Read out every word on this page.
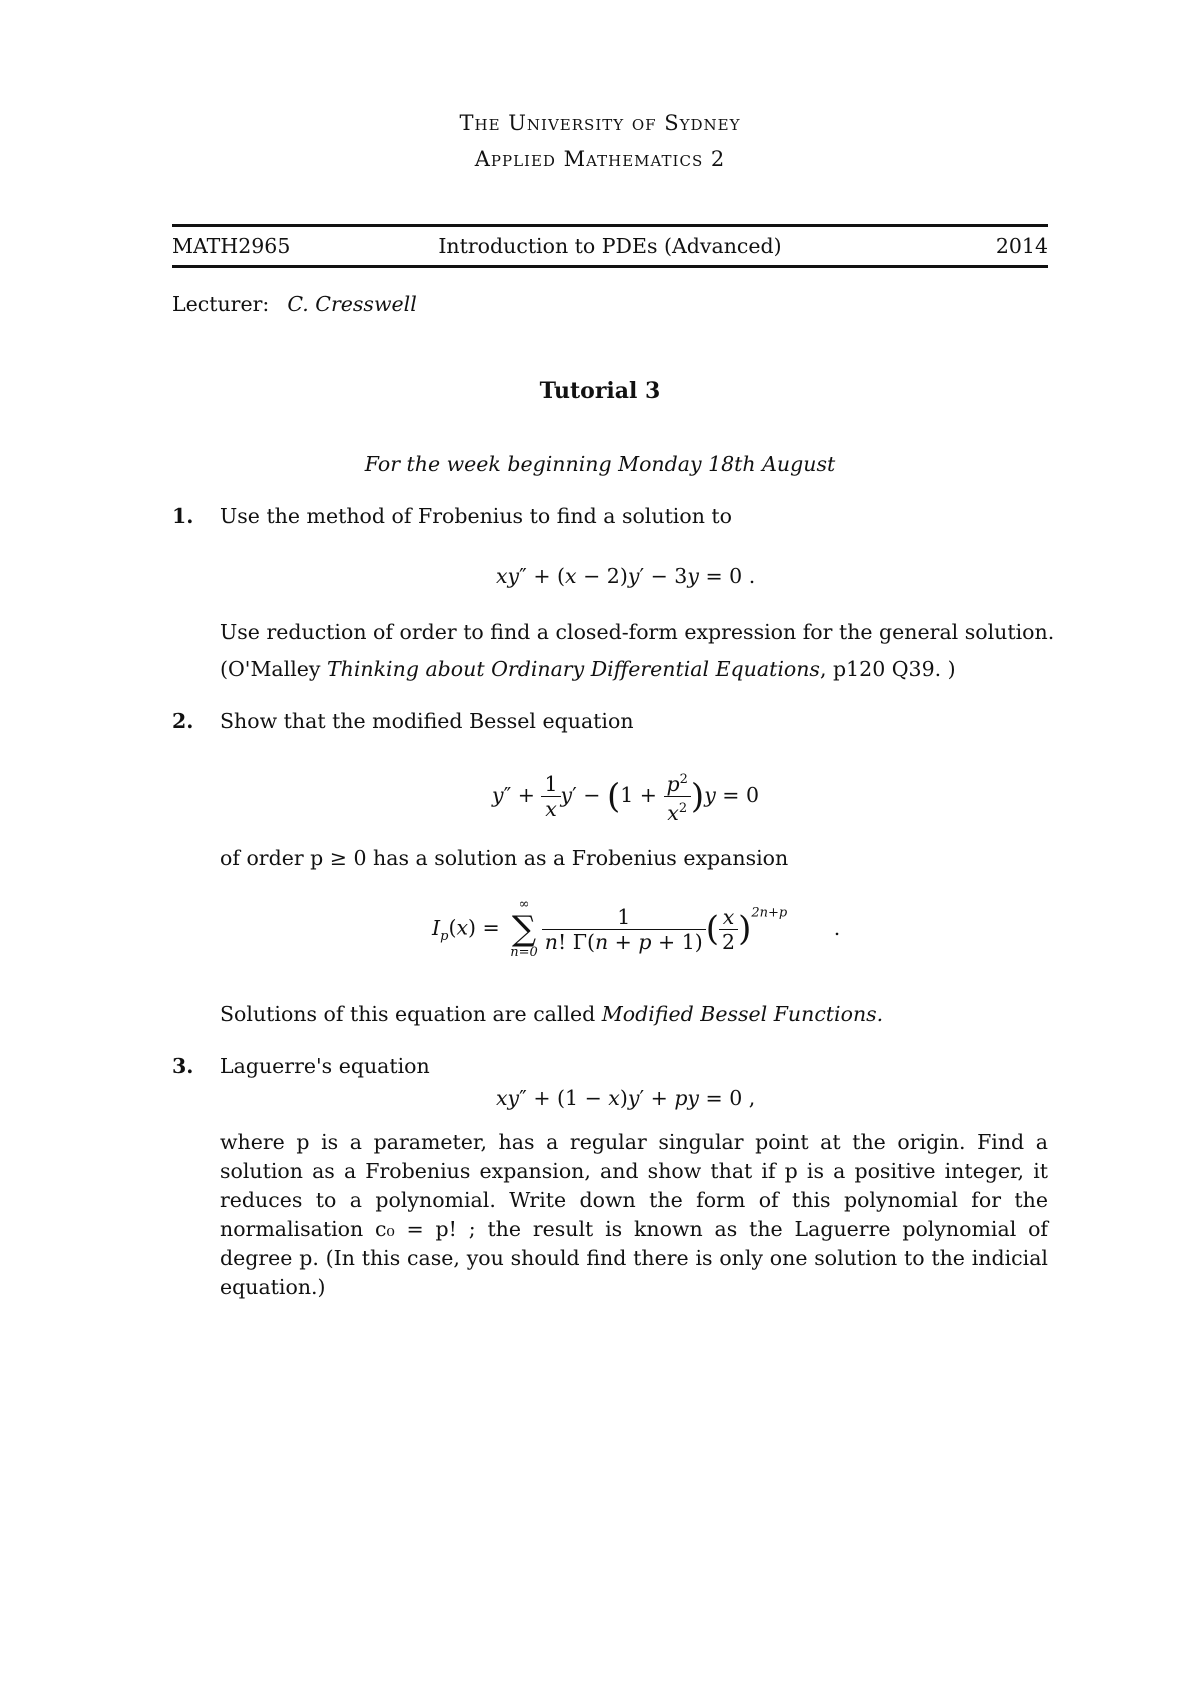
The University of Sydney
Applied Mathematics 2
MATH2965	Introduction to PDEs (Advanced)	2014
Lecturer: C. Cresswell
Tutorial 3
For the week beginning Monday 18th August
1. Use the method of Frobenius to find a solution to
xy″ + (x − 2)y′ − 3y = 0 .
Use reduction of order to find a closed-form expression for the general solution.
(O'Malley Thinking about Ordinary Differential Equations, p120 Q39. )
2. Show that the modified Bessel equation
$y'' + \frac{1}{x} y' - (1 + \frac{p^2}{x^2} )y = 0$
of order p ≥ 0 has a solution as a Frobenius expansion
$I_p(x)$ =
∞
∑
$n=0 \frac{1}{n! \Gamma(n + p + 1)}$ ( $\frac{x}{2} )^{2n+p}$ .
Solutions of this equation are called Modified Bessel Functions.
3. Laguerre's equation
xy″ + (1 − x)y′ + py = 0 ,
where p is a parameter, has a regular singular point at the origin. Find a solution as a Frobenius expansion, and show that if p is a positive integer, it reduces to a polynomial. Write down the form of this polynomial for the normalisation c₀ = p! ; the result is known as the Laguerre polynomial of degree p. (In this case, you should find there is only one solution to the indicial equation.)
